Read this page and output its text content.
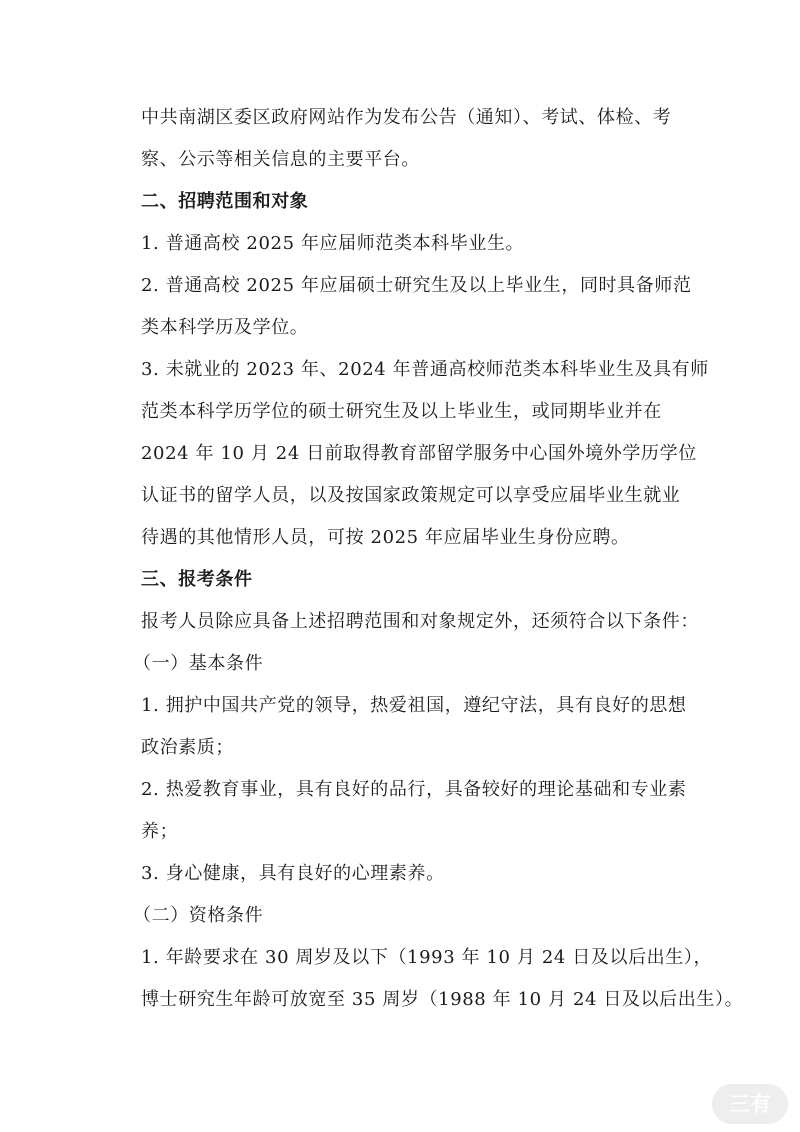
中共南湖区委区政府网站作为发布公告（通知）、考试、体检、考
察、公示等相关信息的主要平台。
二、招聘范围和对象
1. 普通高校 2025 年应届师范类本科毕业生。
2. 普通高校 2025 年应届硕士研究生及以上毕业生，同时具备师范
类本科学历及学位。
3. 未就业的 2023 年、2024 年普通高校师范类本科毕业生及具有师
范类本科学历学位的硕士研究生及以上毕业生，或同期毕业并在
2024 年 10 月 24 日前取得教育部留学服务中心国外境外学历学位
认证书的留学人员，以及按国家政策规定可以享受应届毕业生就业
待遇的其他情形人员，可按 2025 年应届毕业生身份应聘。
三、报考条件
报考人员除应具备上述招聘范围和对象规定外，还须符合以下条件：
（一）基本条件
1. 拥护中国共产党的领导，热爱祖国，遵纪守法，具有良好的思想
政治素质；
2. 热爱教育事业，具有良好的品行，具备较好的理论基础和专业素
养；
3. 身心健康，具有良好的心理素养。
（二）资格条件
1. 年龄要求在 30 周岁及以下（1993 年 10 月 24 日及以后出生），
博士研究生年龄可放宽至 35 周岁（1988 年 10 月 24 日及以后出生）。
三有
